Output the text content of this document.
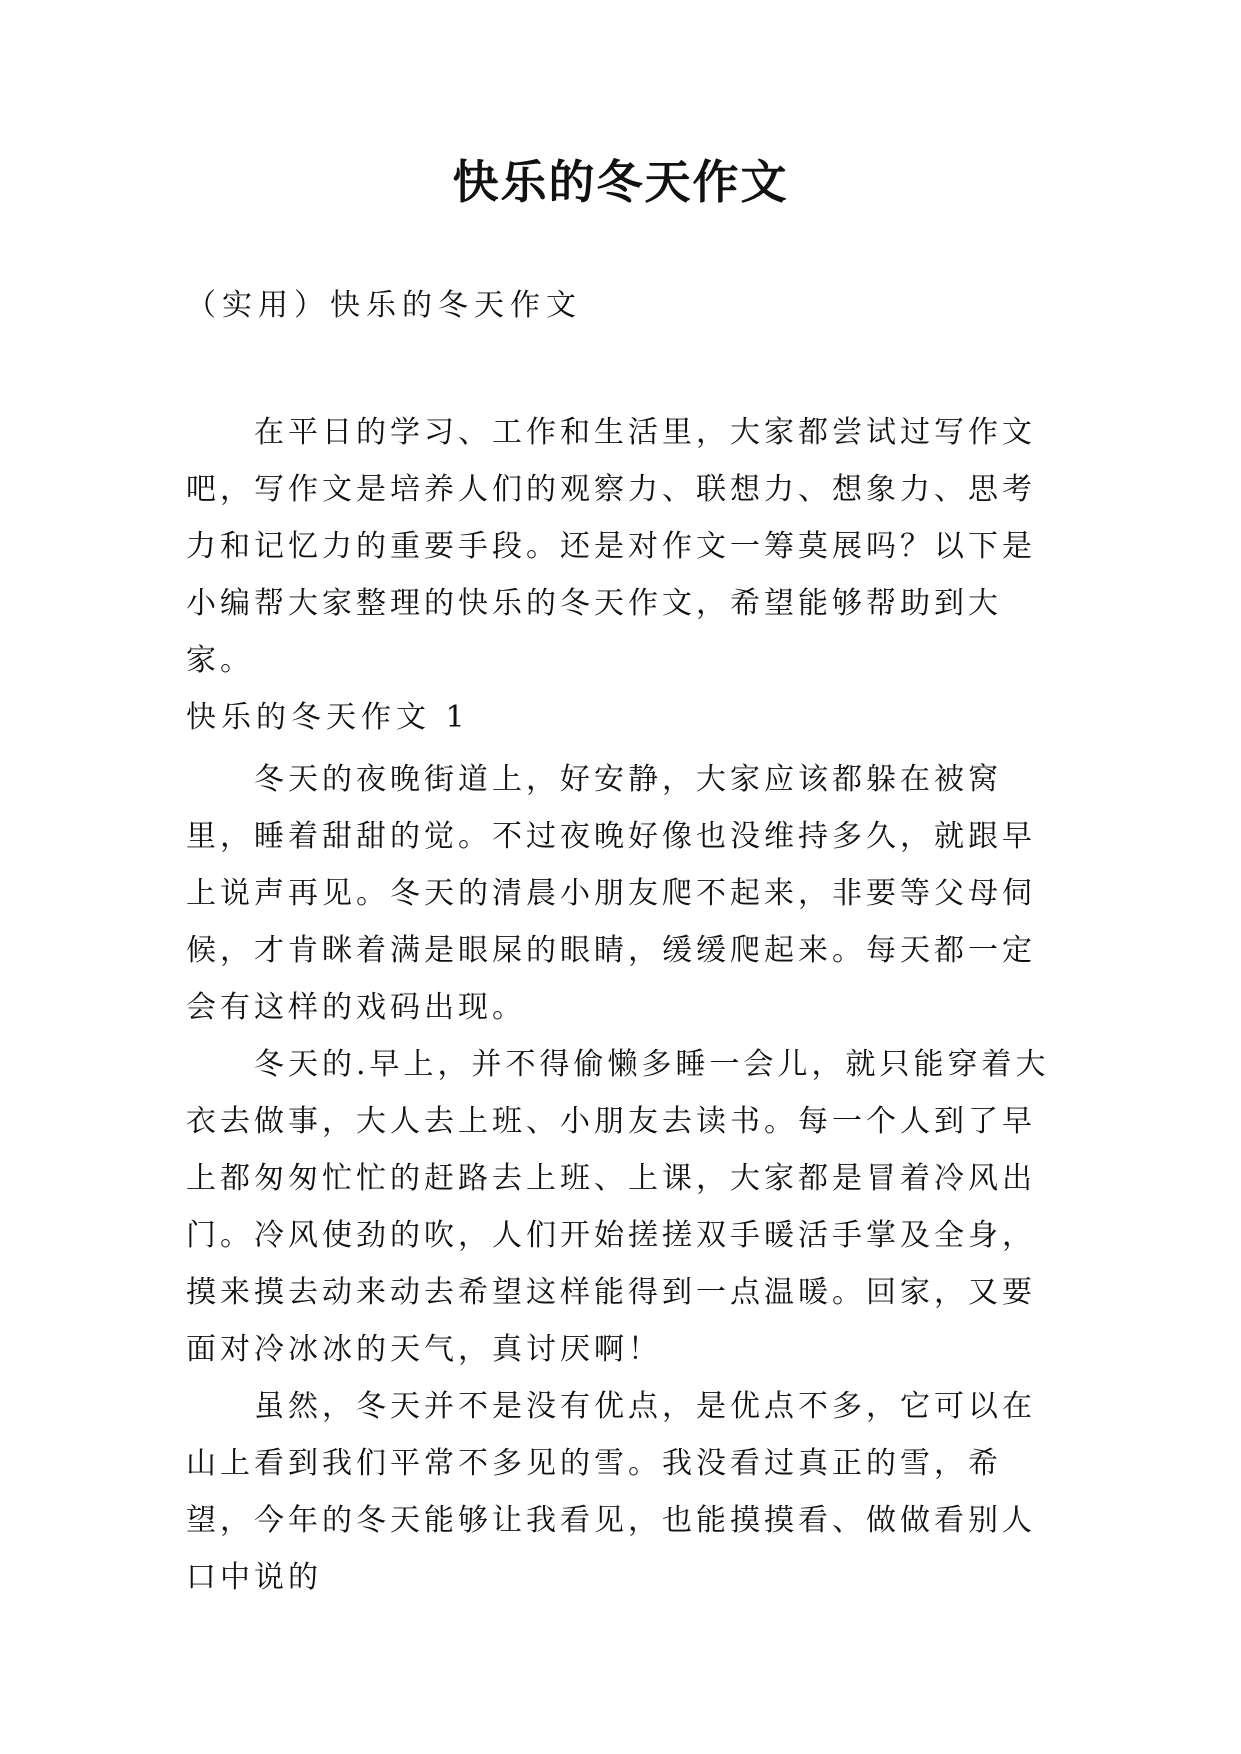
快乐的冬天作文
（实用）快乐的冬天作文

在平日的学习、工作和生活里，大家都尝试过写作文吧，写作文是培养人们的观察力、联想力、想象力、思考力和记忆力的重要手段。还是对作文一筹莫展吗？以下是小编帮大家整理的快乐的冬天作文，希望能够帮助到大家。

快乐的冬天作文 1

冬天的夜晚街道上，好安静，大家应该都躲在被窝里，睡着甜甜的觉。不过夜晚好像也没维持多久，就跟早上说声再见。冬天的清晨小朋友爬不起来，非要等父母伺候，才肯眯着满是眼屎的眼睛，缓缓爬起来。每天都一定会有这样的戏码出现。

冬天的.早上，并不得偷懒多睡一会儿，就只能穿着大衣去做事，大人去上班、小朋友去读书。每一个人到了早上都匆匆忙忙的赶路去上班、上课，大家都是冒着冷风出门。冷风使劲的吹，人们开始搓搓双手暖活手掌及全身，摸来摸去动来动去希望这样能得到一点温暖。回家，又要面对冷冰冰的天气，真讨厌啊！

虽然，冬天并不是没有优点，是优点不多，它可以在山上看到我们平常不多见的雪。我没看过真正的雪，希望，今年的冬天能够让我看见，也能摸摸看、做做看别人口中说的
